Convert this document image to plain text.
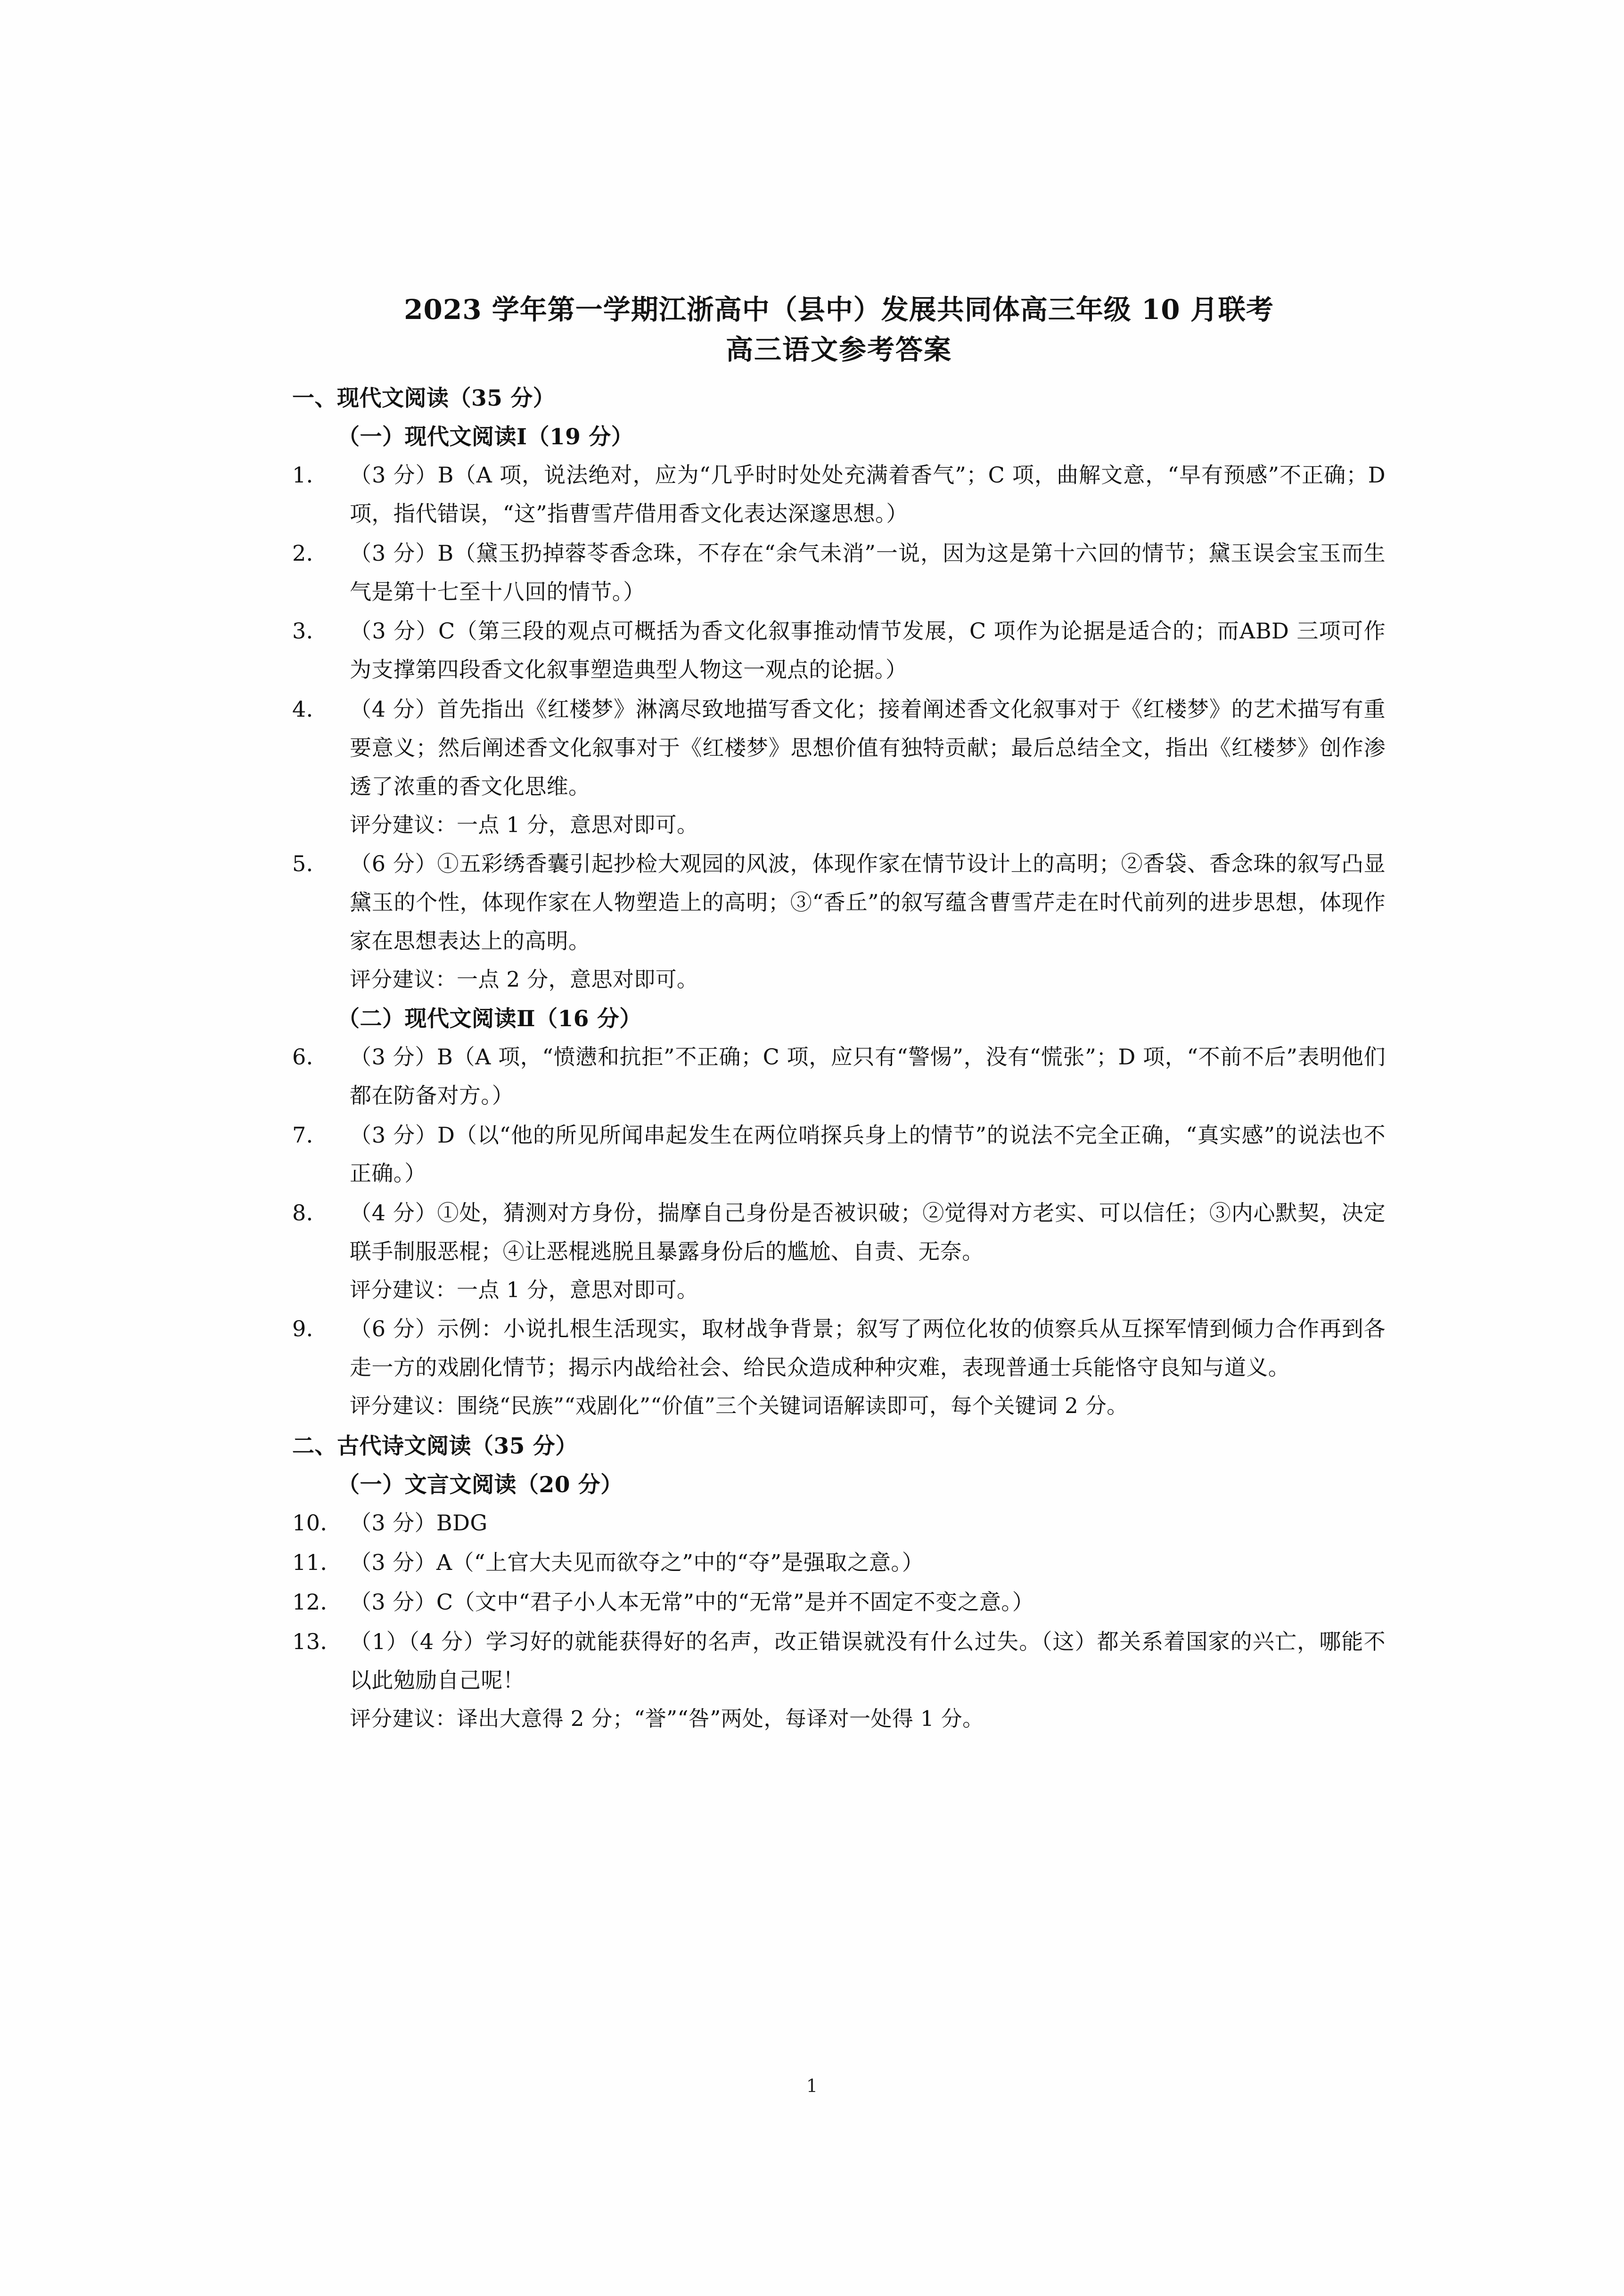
2023 学年第一学期江浙高中（县中）发展共同体高三年级 10 月联考
高三语文参考答案
一、现代文阅读（35 分）
（一）现代文阅读Ⅰ（19 分）
1． （3 分）B（A 项，说法绝对，应为“几乎时时处处充满着香气”；C 项，曲解文意，“早有预感”不正确；D 项，指代错误，“这”指曹雪芹借用香文化表达深邃思想。）
2． （3 分）B（黛玉扔掉蓉苓香念珠，不存在“余气未消”一说，因为这是第十六回的情节；黛玉误会宝玉而生气是第十七至十八回的情节。）
3． （3 分）C（第三段的观点可概括为香文化叙事推动情节发展，C 项作为论据是适合的；而ABD 三项可作为支撑第四段香文化叙事塑造典型人物这一观点的论据。）
4． （4 分）首先指出《红楼梦》淋漓尽致地描写香文化；接着阐述香文化叙事对于《红楼梦》的艺术描写有重要意义；然后阐述香文化叙事对于《红楼梦》思想价值有独特贡献；最后总结全文，指出《红楼梦》创作渗透了浓重的香文化思维。
评分建议：一点 1 分，意思对即可。
5． （6 分）①五彩绣香囊引起抄检大观园的风波，体现作家在情节设计上的高明；②香袋、香念珠的叙写凸显黛玉的个性，体现作家在人物塑造上的高明；③“香丘”的叙写蕴含曹雪芹走在时代前列的进步思想，体现作家在思想表达上的高明。
评分建议：一点 2 分，意思对即可。
（二）现代文阅读Ⅱ（16 分）
6． （3 分）B（A 项，“愤懑和抗拒”不正确；C 项，应只有“警惕”，没有“慌张”；D 项，“不前不后”表明他们都在防备对方。）
7． （3 分）D（以“他的所见所闻串起发生在两位哨探兵身上的情节”的说法不完全正确，“真实感”的说法也不正确。）
8． （4 分）①处，猜测对方身份，揣摩自己身份是否被识破；②觉得对方老实、可以信任；③内心默契，决定联手制服恶棍；④让恶棍逃脱且暴露身份后的尴尬、自责、无奈。
评分建议：一点 1 分，意思对即可。
9． （6 分）示例：小说扎根生活现实，取材战争背景；叙写了两位化妆的侦察兵从互探军情到倾力合作再到各走一方的戏剧化情节；揭示内战给社会、给民众造成种种灾难，表现普通士兵能恪守良知与道义。
评分建议：围绕“民族”“戏剧化”“价值”三个关键词语解读即可，每个关键词 2 分。
二、古代诗文阅读（35 分）
（一）文言文阅读（20 分）
10． （3 分）BDG
11． （3 分）A（“上官大夫见而欲夺之”中的“夺”是强取之意。）
12． （3 分）C（文中“君子小人本无常”中的“无常”是并不固定不变之意。）
13． （1）（4 分）学习好的就能获得好的名声，改正错误就没有什么过失。（这）都关系着国家的兴亡，哪能不以此勉励自己呢！
评分建议：译出大意得 2 分；“誉”“咎”两处，每译对一处得 1 分。
1
